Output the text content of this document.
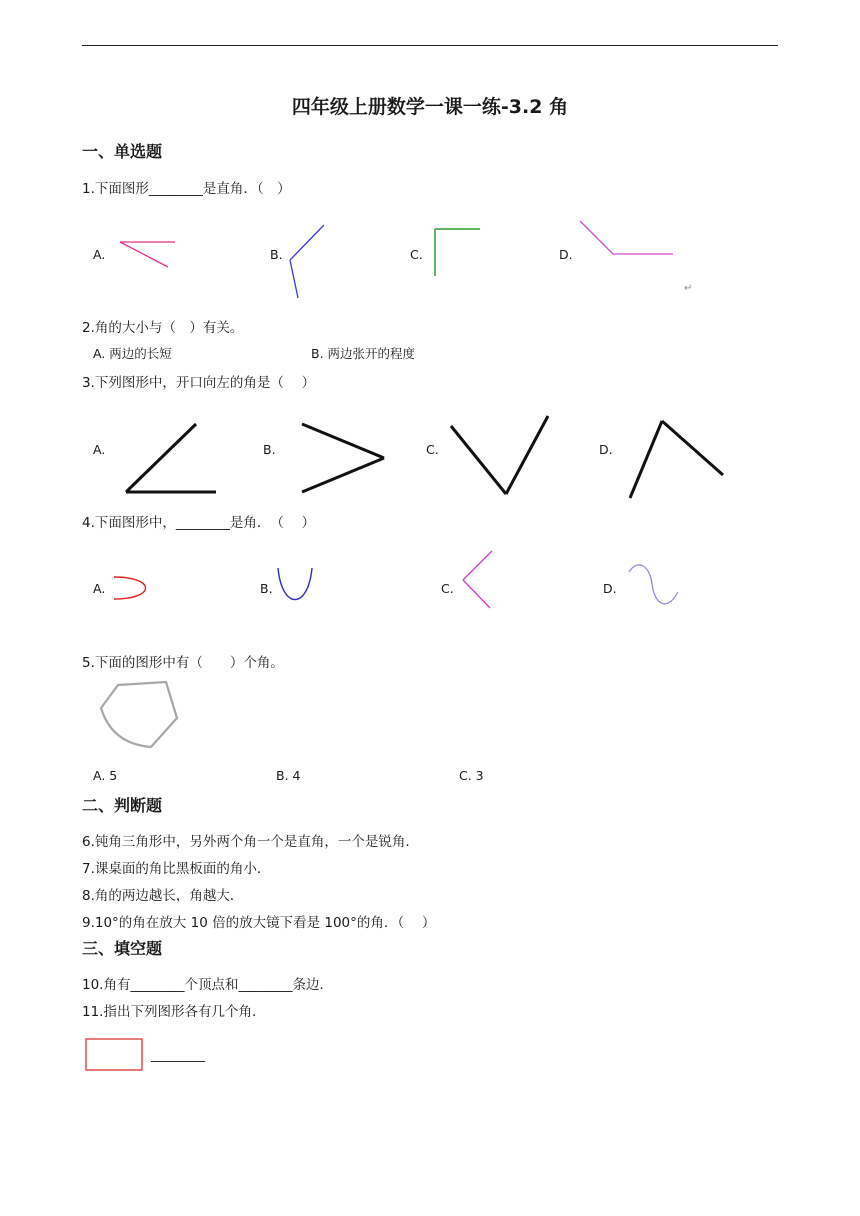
四年级上册数学一课一练-3.2 角
一、单选题
1.下面图形________是直角．（　）
A.	B.	C.	D.
↵
2.角的大小与（　）有关。
A. 两边的长短	B. 两边张开的程度
3.下列图形中，开口向左的角是（　 ）
A.	B.	C.	D.
4.下面图形中，________是角．　（　 ）
A.	B.	C.	D.
5.下面的图形中有（　　）个角。
A. 5	B. 4	C. 3
二、判断题
6.钝角三角形中，另外两个角一个是直角，一个是锐角．
7.课桌面的角比黑板面的角小．
8.角的两边越长，角越大．
9.10°的角在放大 10 倍的放大镜下看是 100°的角．（　 ）
三、填空题
10.角有________个顶点和________条边．
11.指出下列图形各有几个角．
________
